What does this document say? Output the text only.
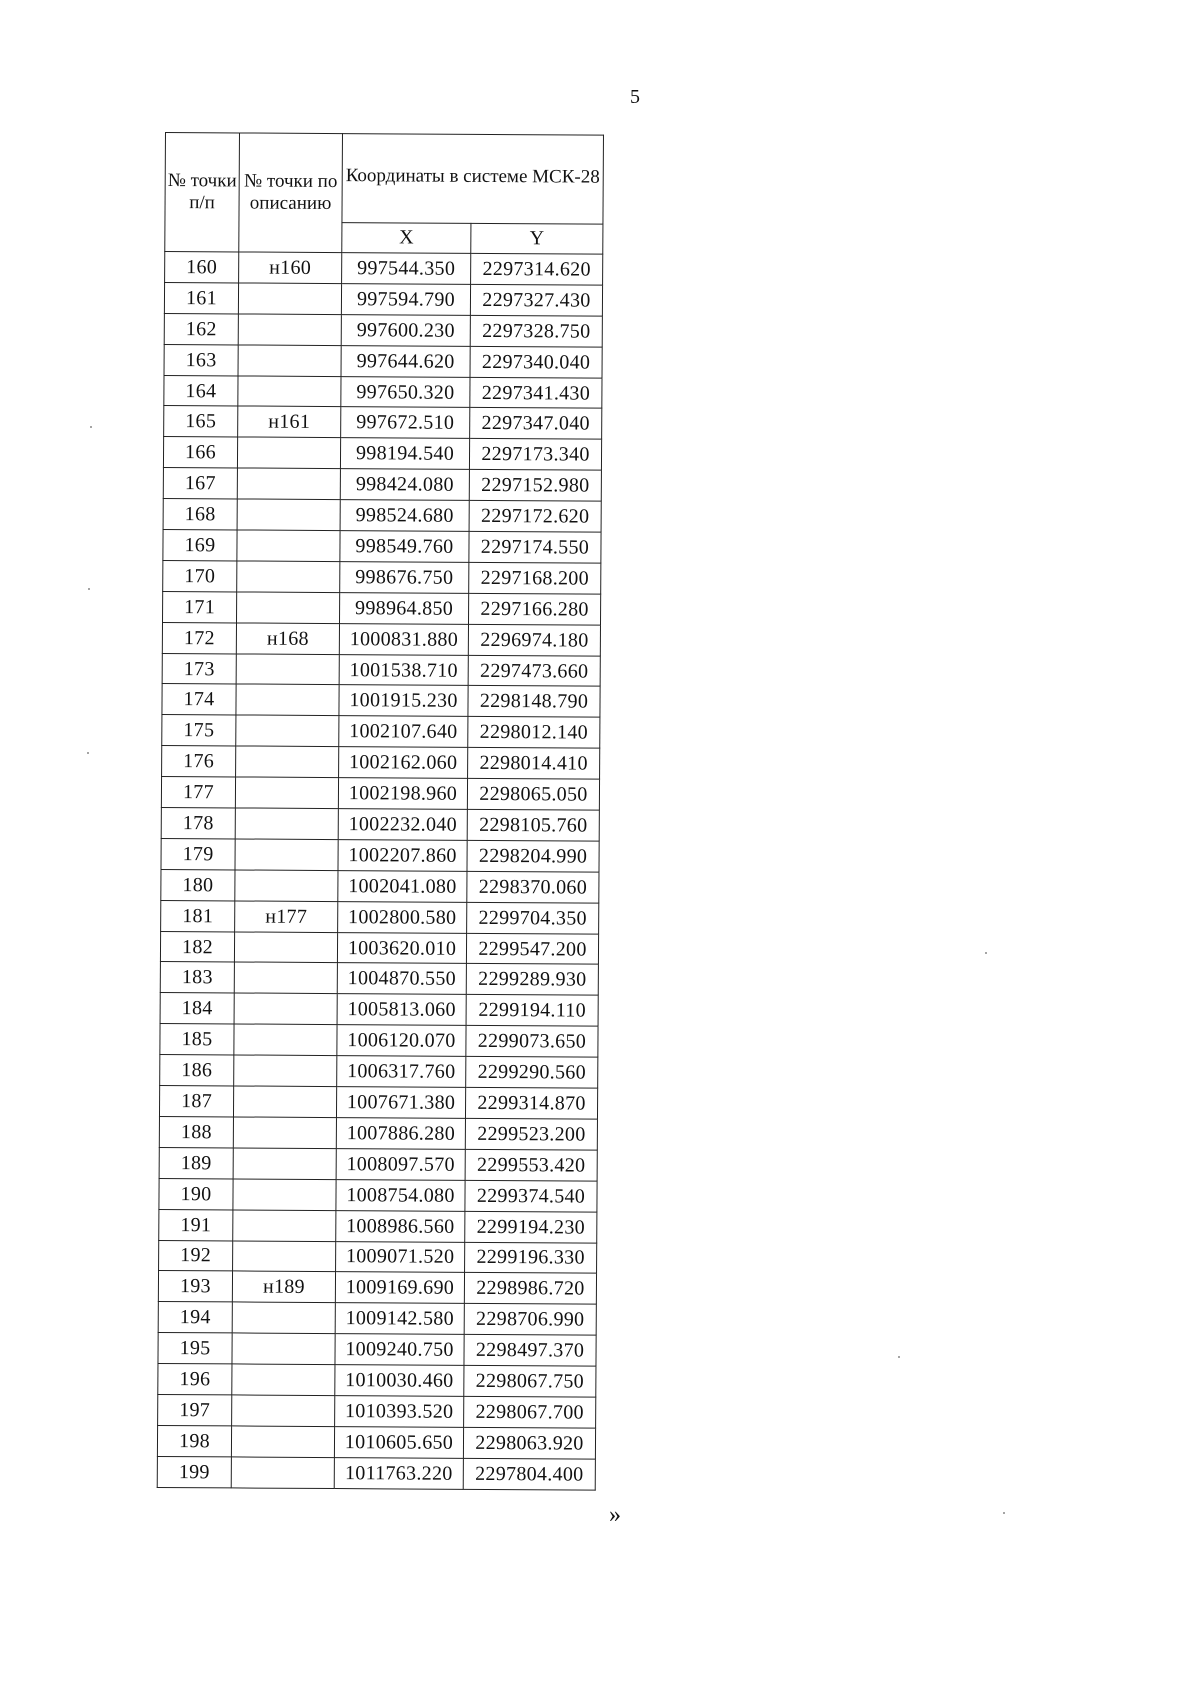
5
№ точки п/п	№ точки по описанию	Координаты в системе МСК-28	
		X	Y
160	н160	997544.350	2297314.620
161		997594.790	2297327.430
162		997600.230	2297328.750
163		997644.620	2297340.040
164		997650.320	2297341.430
165	н161	997672.510	2297347.040
166		998194.540	2297173.340
167		998424.080	2297152.980
168		998524.680	2297172.620
169		998549.760	2297174.550
170		998676.750	2297168.200
171		998964.850	2297166.280
172	н168	1000831.880	2296974.180
173		1001538.710	2297473.660
174		1001915.230	2298148.790
175		1002107.640	2298012.140
176		1002162.060	2298014.410
177		1002198.960	2298065.050
178		1002232.040	2298105.760
179		1002207.860	2298204.990
180		1002041.080	2298370.060
181	н177	1002800.580	2299704.350
182		1003620.010	2299547.200
183		1004870.550	2299289.930
184		1005813.060	2299194.110
185		1006120.070	2299073.650
186		1006317.760	2299290.560
187		1007671.380	2299314.870
188		1007886.280	2299523.200
189		1008097.570	2299553.420
190		1008754.080	2299374.540
191		1008986.560	2299194.230
192		1009071.520	2299196.330
193	н189	1009169.690	2298986.720
194		1009142.580	2298706.990
195		1009240.750	2298497.370
196		1010030.460	2298067.750
197		1010393.520	2298067.700
198		1010605.650	2298063.920
199		1011763.220	2297804.400
»
